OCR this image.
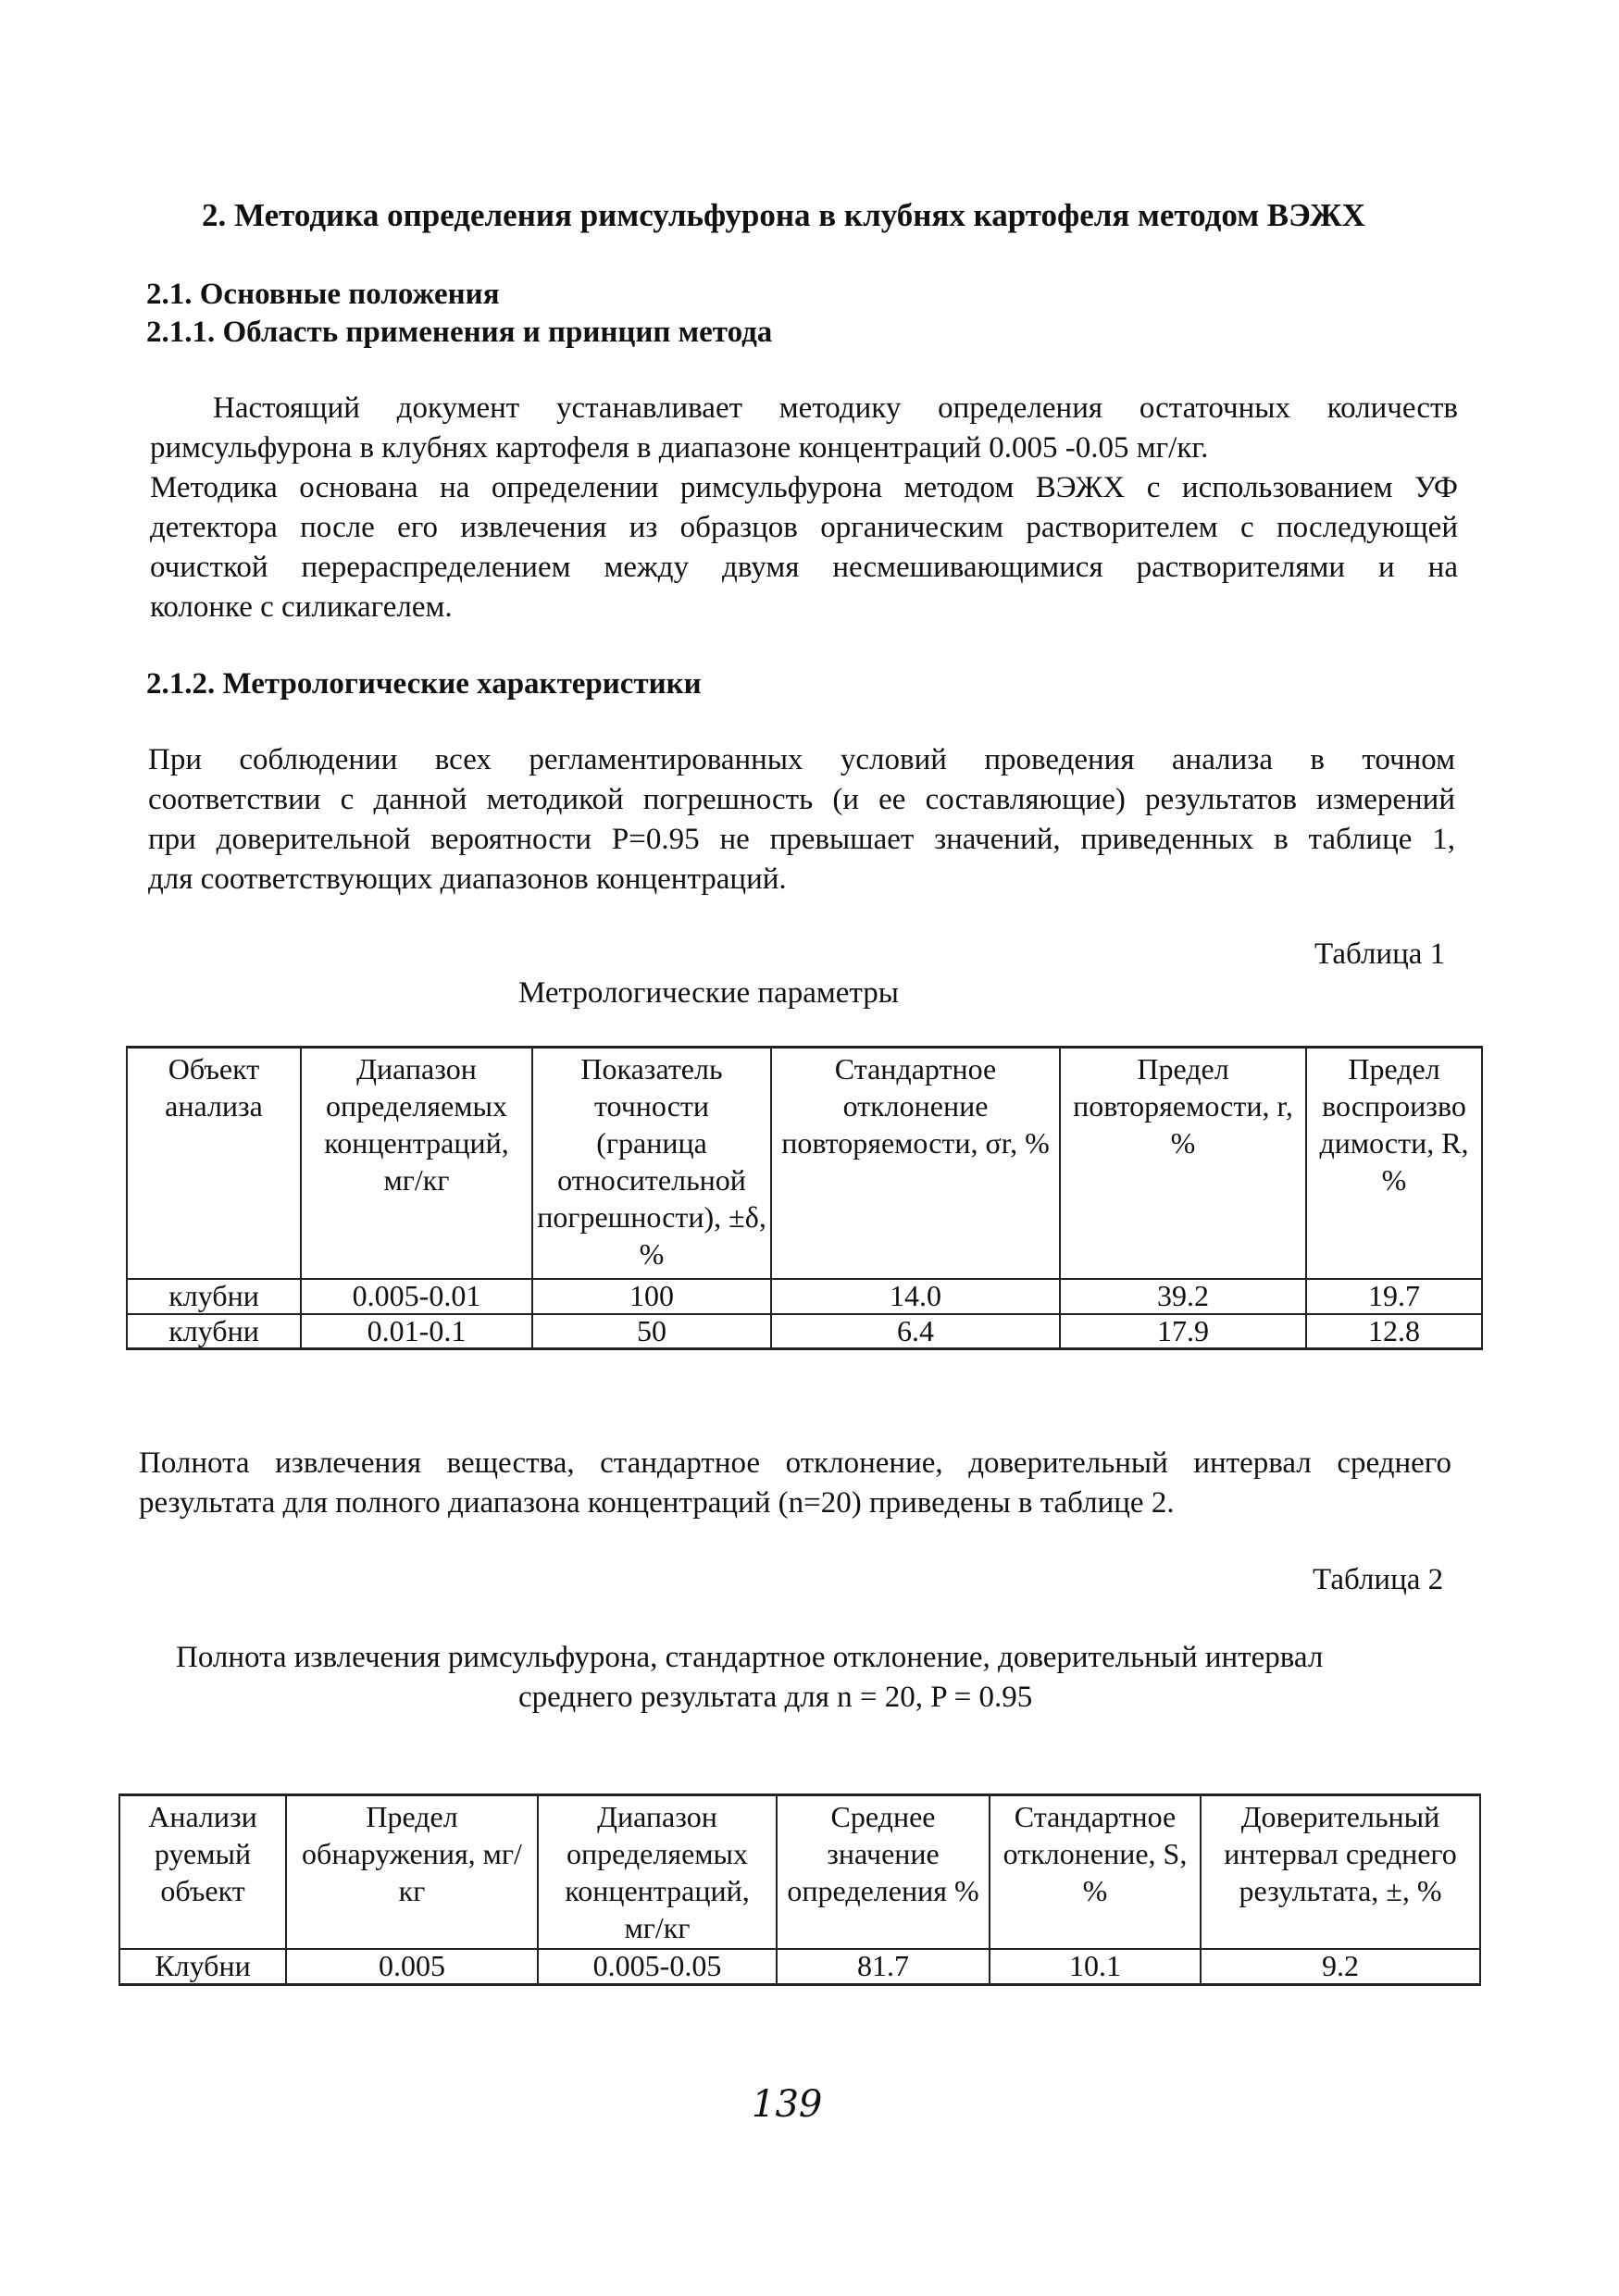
2. Методика определения римсульфурона в клубнях картофеля методом ВЭЖХ
2.1. Основные положения
2.1.1. Область применения и принцип метода

Настоящий документ устанавливает методику определения остаточных количеств

римсульфурона в клубнях картофеля в диапазоне концентраций 0.005 -0.05 мг/кг.

Методика основана на определении римсульфурона методом ВЭЖХ с использованием УФ

детектора после его извлечения из образцов органическим растворителем с последующей

очисткой перераспределением между двумя несмешивающимися растворителями и на

колонке с силикагелем.

2.1.2. Метрологические характеристики

При соблюдении всех регламентированных условий проведения анализа в точном

соответствии с данной методикой погрешность (и ее составляющие) результатов измерений

при доверительной вероятности P=0.95 не превышает значений, приведенных в таблице 1,

для соответствующих диапазонов концентраций.

Таблица 1
Метрологические параметры
Объект анализа	Диапазон определяемых концентраций, мг/кг	Показатель точности (граница относительной погрешности), ±δ, %	Стандартное отклонение повторяемости, σr, %	Предел повторяемости, r, %	Предел воспроизво димости, R, %
клубни	0.005-0.01	100	14.0	39.2	19.7
клубни	0.01-0.1	50	6.4	17.9	12.8

Полнота извлечения вещества, стандартное отклонение, доверительный интервал среднего

результата для полного диапазона концентраций (n=20) приведены в таблице 2.

Таблица 2
Полнота извлечения римсульфурона, стандартное отклонение, доверительный интервал
среднего результата для n = 20, P = 0.95
Анализи руемый объект	Предел обнаружения, мг/кг	Диапазон определяемых концентраций, мг/кг	Среднее значение определения %	Стандартное отклонение, S, %	Доверительный интервал среднего результата, ±, %
Клубни	0.005	0.005-0.05	81.7	10.1	9.2
139
